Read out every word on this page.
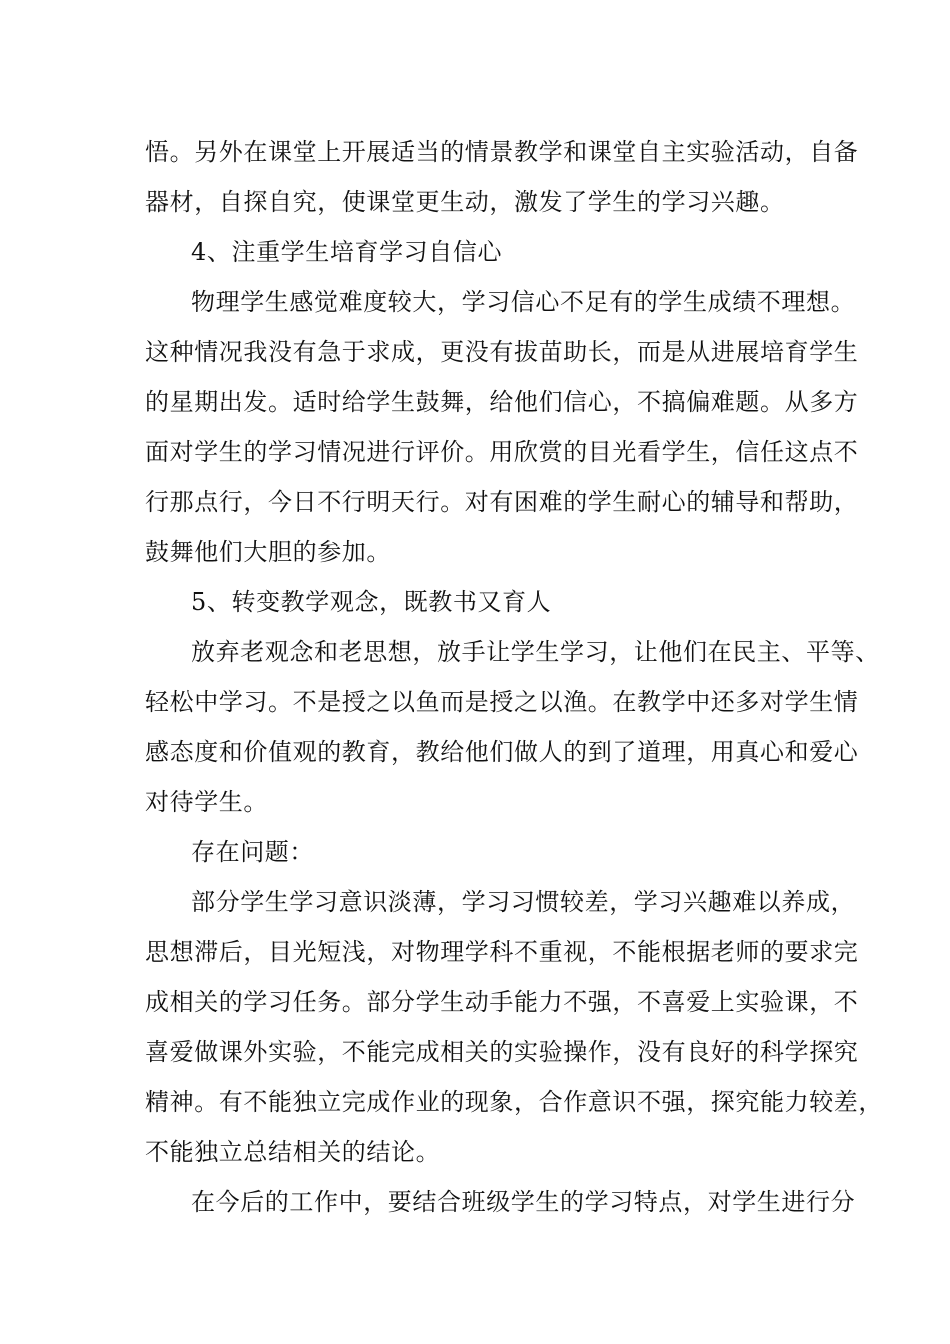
悟。另外在课堂上开展适当的情景教学和课堂自主实验活动，自备
器材，自探自究，使课堂更生动，激发了学生的学习兴趣。
4、注重学生培育学习自信心
物理学生感觉难度较大，学习信心不足有的学生成绩不理想。
这种情况我没有急于求成，更没有拔苗助长，而是从进展培育学生
的星期出发。适时给学生鼓舞，给他们信心，不搞偏难题。从多方
面对学生的学习情况进行评价。用欣赏的目光看学生，信任这点不
行那点行，今日不行明天行。对有困难的学生耐心的辅导和帮助，
鼓舞他们大胆的参加。
5、转变教学观念，既教书又育人
放弃老观念和老思想，放手让学生学习，让他们在民主、平等、
轻松中学习。不是授之以鱼而是授之以渔。在教学中还多对学生情
感态度和价值观的教育，教给他们做人的到了道理，用真心和爱心
对待学生。
存在问题：
部分学生学习意识淡薄，学习习惯较差，学习兴趣难以养成，
思想滞后，目光短浅，对物理学科不重视，不能根据老师的要求完
成相关的学习任务。部分学生动手能力不强，不喜爱上实验课，不
喜爱做课外实验，不能完成相关的实验操作，没有良好的科学探究
精神。有不能独立完成作业的现象，合作意识不强，探究能力较差，
不能独立总结相关的结论。
在今后的工作中，要结合班级学生的学习特点，对学生进行分
